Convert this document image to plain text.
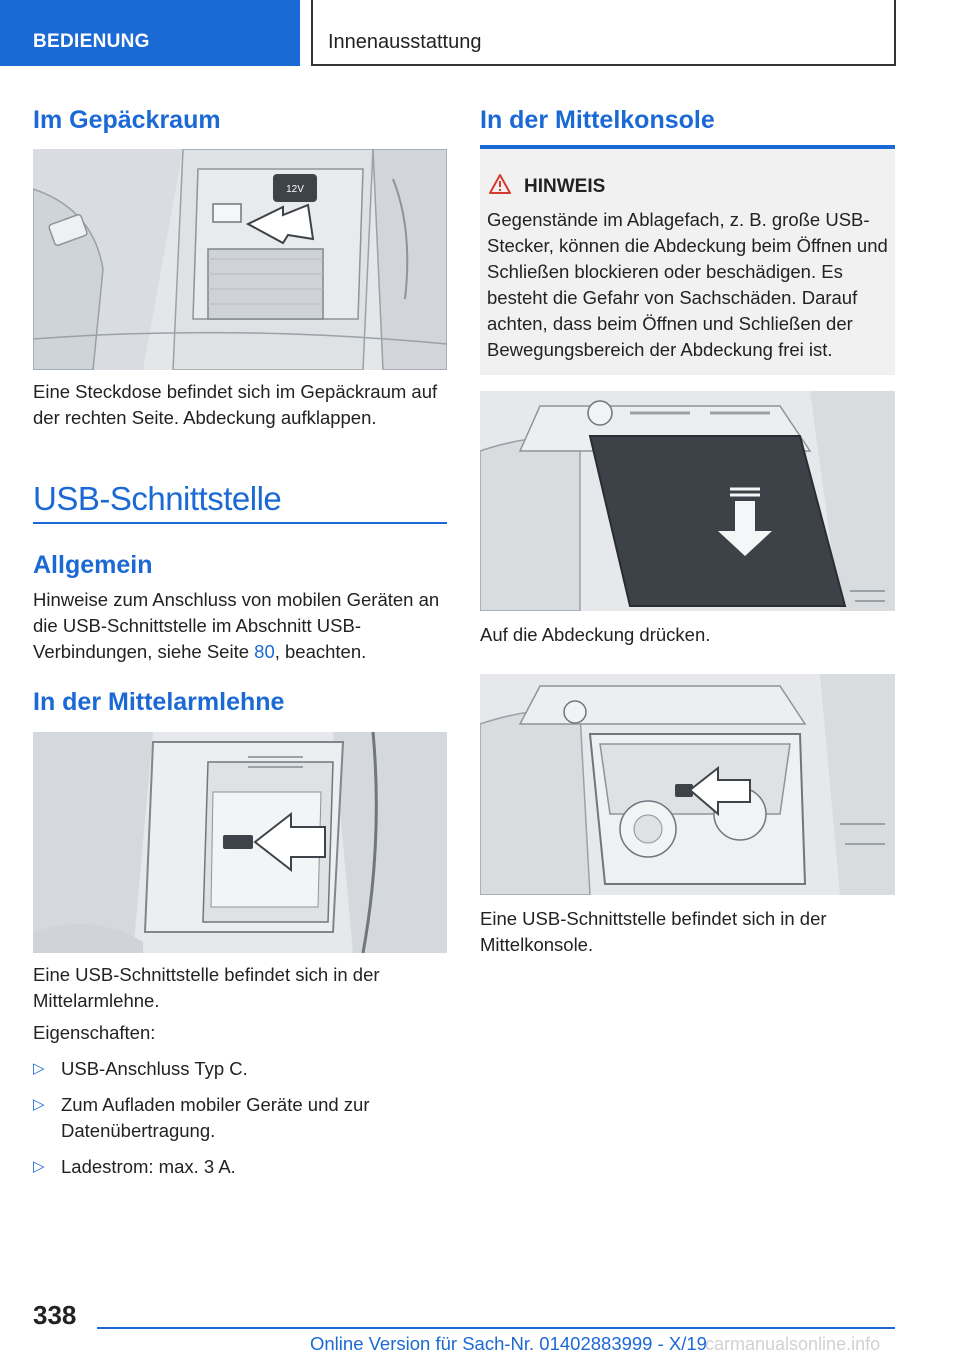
BEDIENUNG	Innenausstattung
Im Gepäckraum
12V
Eine Steckdose befindet sich im Gepäckraum auf der rechten Seite. Abdeckung aufklappen.
USB-Schnittstelle
Allgemein
Hinweise zum Anschluss von mobilen Geräten an die USB-Schnittstelle im Abschnitt USB-Verbindungen, siehe Seite 80, beachten.
In der Mittelarmlehne
Eine USB-Schnittstelle befindet sich in der Mittelarmlehne.
Eigenschaften:
▷ USB-Anschluss Typ C.
▷ Zum Aufladen mobiler Geräte und zur Datenübertragung.
▷ Ladestrom: max. 3 A.
In der Mittelkonsole
HINWEIS
Gegenstände im Ablagefach, z. B. große USB-Stecker, können die Abdeckung beim Öffnen und Schließen blockieren oder beschädigen. Es besteht die Gefahr von Sachschäden. Darauf achten, dass beim Öffnen und Schließen der Bewegungsbereich der Abdeckung frei ist.
Auf die Abdeckung drücken.
Eine USB-Schnittstelle befindet sich in der Mittelkonsole.
338
Online Version für Sach-Nr. 01402883999 - X/19
carmanualsonline.info
